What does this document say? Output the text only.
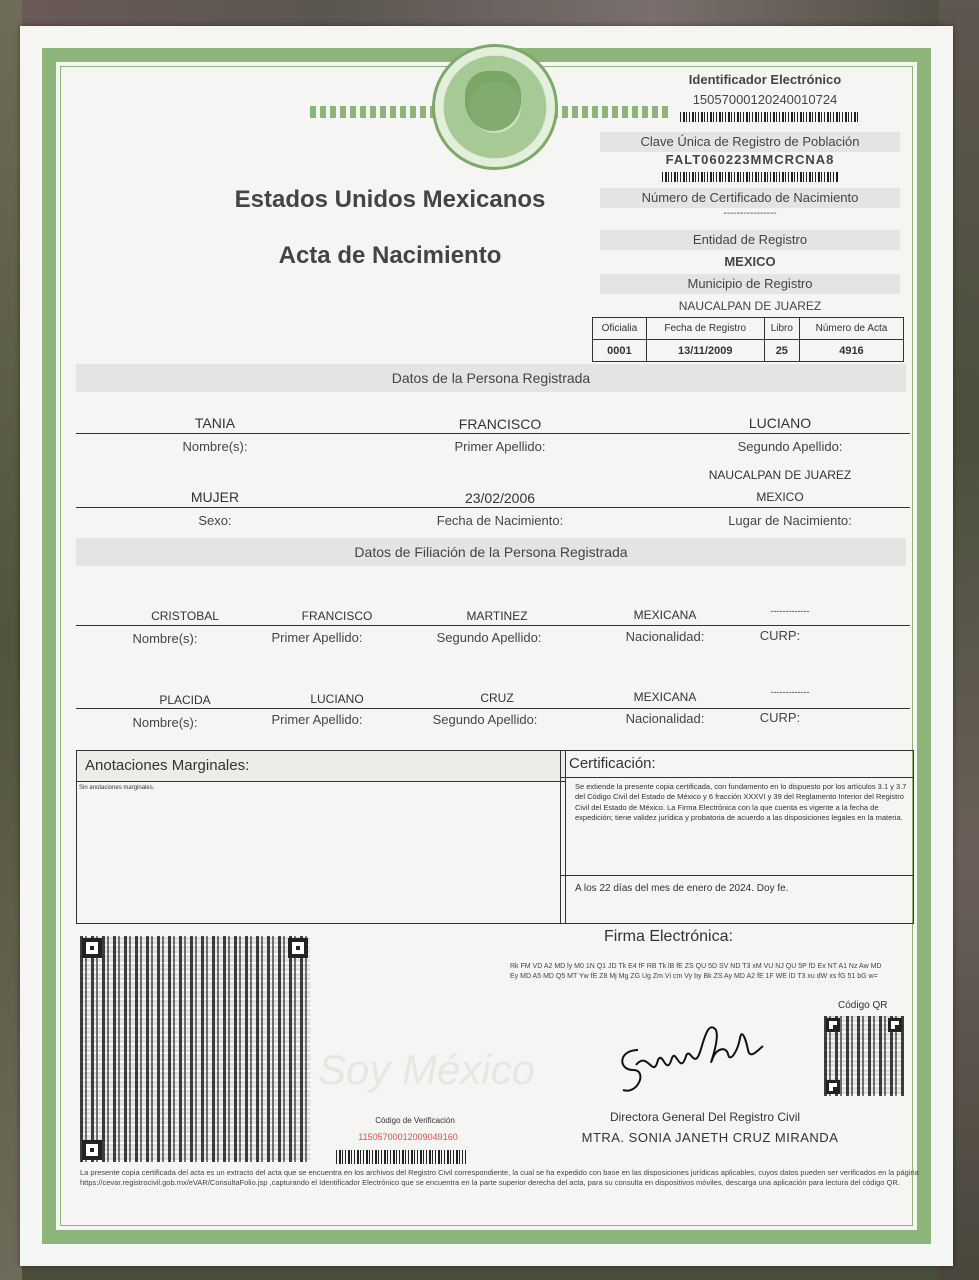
Soy México
Estados Unidos Mexicanos
Acta de Nacimiento
Identificador Electrónico
15057000120240010724
Clave Única de Registro de Población
FALT060223MMCRCNA8
Número de Certificado de Nacimiento
----------------
Entidad de Registro
MEXICO
Municipio de Registro
NAUCALPAN DE JUAREZ
Oficialia	Fecha de Registro	Libro	Número de Acta
0001	13/11/2009	25	4916
Datos de la Persona Registrada
TANIA	FRANCISCO	LUCIANO
Nombre(s):	Primer Apellido:	Segundo Apellido:
NAUCALPAN DE JUAREZ
MUJER	23/02/2006	MEXICO
Sexo:	Fecha de Nacimiento:	Lugar de Nacimiento:
Datos de Filiación de la Persona Registrada
CRISTOBAL	FRANCISCO	MARTINEZ	MEXICANA	-------------
Nombre(s):	Primer Apellido:	Segundo Apellido:	Nacionalidad:	CURP:
PLACIDA	LUCIANO	CRUZ	MEXICANA	-------------
Nombre(s):	Primer Apellido:	Segundo Apellido:	Nacionalidad:	CURP:
Anotaciones Marginales:
Sin anotaciones marginales.
Certificación:
Se extiende la presente copia certificada, con fundamento en lo dispuesto por los artículos 3.1 y 3.7 del Código Civil del Estado de México y 6 fracción XXXVI y 39 del Reglamento Interior del Registro Civil del Estado de México. La Firma Electrónica con la que cuenta es vigente a la fecha de expedición; tiene validez jurídica y probatoria de acuerdo a las disposiciones legales en la materia.
A los 22 días del mes de enero de 2024. Doy fe.
Firma Electrónica:
Rk FM VD A2 MD ly M0 1N Q1 JD Tk E4 fF RB Tk lB fE ZS QU 5D SV ND T3 xM VU NJ QU 5P fD Ex NT A1 Nz Aw MD Ey MD A5 MD Q5 MT Yw fE Z8 Mj Mg ZG Ug Zm Vi cm Vy by Bk ZS Ay MD A2 fE 1F WE lD T3 xu dW xs fG 51 bG w=
Código QR
Directora General Del Registro Civil
MTRA. SONIA JANETH CRUZ MIRANDA
Código de Verificación
11505700012009049160
La presente copia certificada del acta es un extracto del acta que se encuentra en los archivos del Registro Civil correspondiente, la cual se ha expedido con base en las disposiciones jurídicas aplicables, cuyos datos pueden ser verificados en la página https://cevar.registrocivil.gob.mx/eVAR/ConsultaFolio.jsp ,capturando el Identificador Electrónico que se encuentra en la parte superior derecha del acta, para su consulta en dispositivos móviles, descarga una aplicación para lectura del código QR.
